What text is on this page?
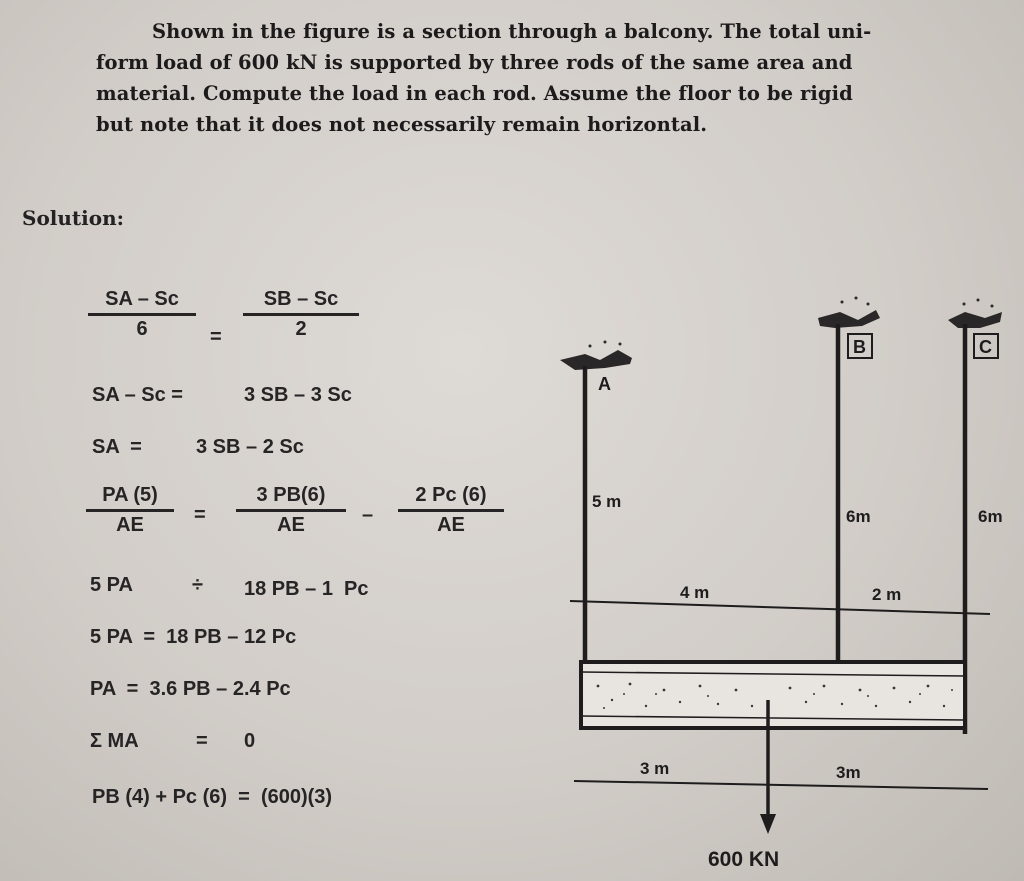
Shown in the figure is a section through a balcony. The total uni-
form load of 600 kN is supported by three rods of the same area and
material. Compute the load in each rod. Assume the floor to be rigid
but note that it does not necessarily remain horizontal.
Solution:
$\frac{SA - Sc}{6} = \frac{SB - Sc}{2}$
SA – Sc =	3 SB – 3 Sc
SA  =	3 SB – 2 Sc
$\frac{PA (5)}{AE} = \frac{3 PB(6)}{AE} - \frac{2 Pc (6)}{AE}$
5 PA	÷ 18 PB – 1  Pc
5 PA  =  18 PB – 12 Pc
PA  =  3.6 PB – 2.4 Pc
Σ MA	= 0
PB (4) + Pc (6)  =  (600)(3)
A
B	C
5 m
6m	6m
4 m	2 m
3 m	3m
600 KN
